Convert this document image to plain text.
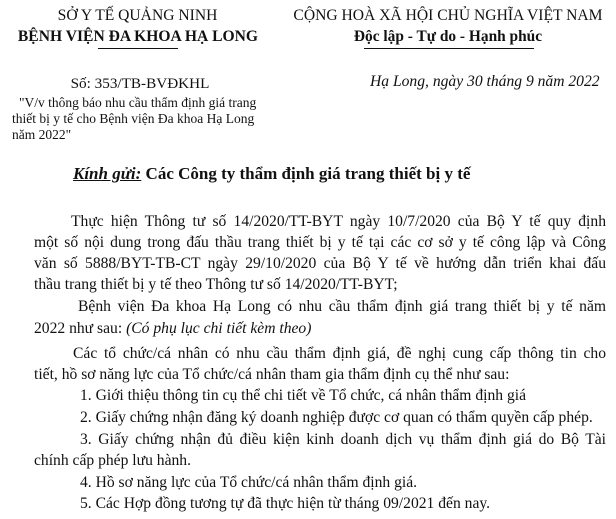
SỞ Y TẾ QUẢNG NINH
BỆNH VIỆN ĐA KHOA HẠ LONG
CỘNG HOÀ XÃ HỘI CHỦ NGHĨA VIỆT NAM
Độc lập - Tự do - Hạnh phúc
Số: 353/TB-BVĐKHL	Hạ Long, ngày 30 tháng 9 năm 2022
"V/v thông báo nhu cầu thẩm định giá trang
thiết bị y tế cho Bệnh viện Đa khoa Hạ Long
năm 2022"
Kính gửi: Các Công ty thẩm định giá trang thiết bị y tế
Thực hiện Thông tư số 14/2020/TT-BYT ngày 10/7/2020 của Bộ Y tế quy định
một số nội dung trong đấu thầu trang thiết bị y tế tại các cơ sở y tế công lập và Công
văn số 5888/BYT-TB-CT ngày 29/10/2020 của Bộ Y tế về hướng dẫn triển khai đấu
thầu trang thiết bị y tế theo Thông tư số 14/2020/TT-BYT;
Bệnh viện Đa khoa Hạ Long có nhu cầu thẩm định giá trang thiết bị y tế năm
2022 như sau: (Có phụ lục chi tiết kèm theo)
Các tổ chức/cá nhân có nhu cầu thẩm định giá, đề nghị cung cấp thông tin cho
tiết, hồ sơ năng lực của Tổ chức/cá nhân tham gia thẩm định cụ thể như sau:
1. Giới thiệu thông tin cụ thể chi tiết về Tổ chức, cá nhân thẩm định giá
2. Giấy chứng nhận đăng ký doanh nghiệp được cơ quan có thẩm quyền cấp phép.
3. Giấy chứng nhận đủ điều kiện kinh doanh dịch vụ thẩm định giá do Bộ Tài
chính cấp phép lưu hành.
4. Hồ sơ năng lực của Tổ chức/cá nhân thẩm định giá.
5. Các Hợp đồng tương tự đã thực hiện từ tháng 09/2021 đến nay.
